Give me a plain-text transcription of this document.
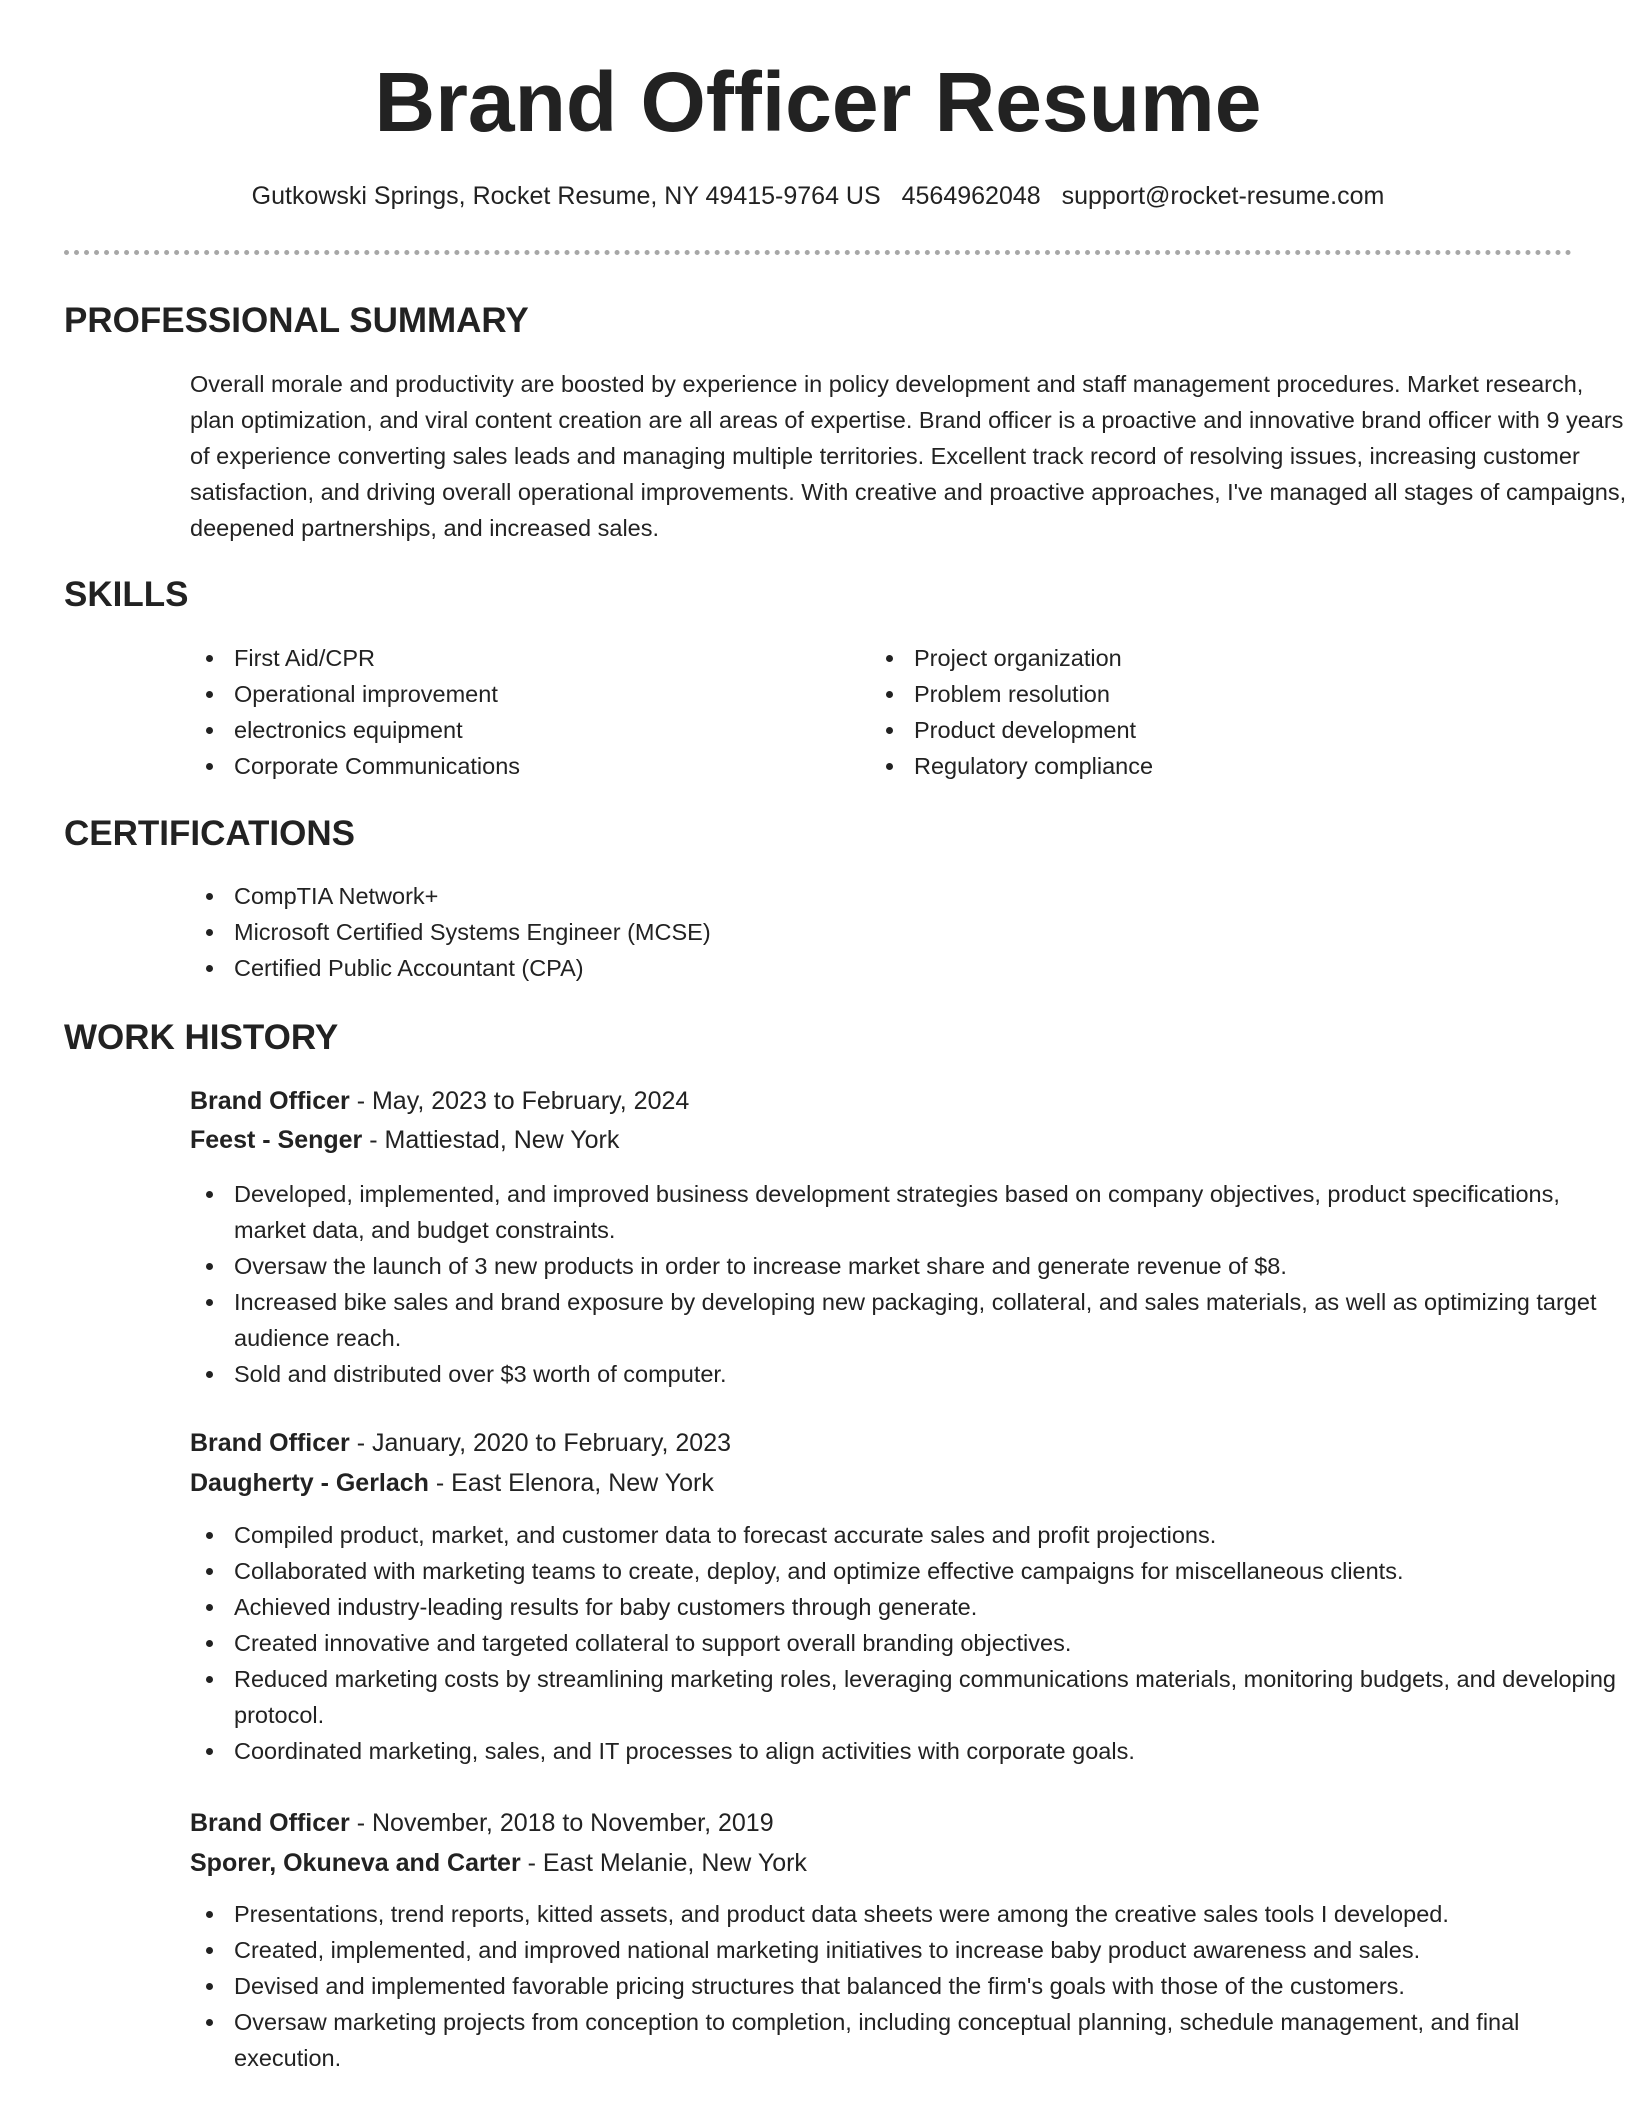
Brand Officer Resume
Gutkowski Springs, Rocket Resume, NY 49415-9764 US 4564962048 support@rocket-resume.com
PROFESSIONAL SUMMARY

Overall morale and productivity are boosted by experience in policy development and staff management procedures. Market research, plan optimization, and viral content creation are all areas of expertise. Brand officer is a proactive and innovative brand officer with 9 years of experience converting sales leads and managing multiple territories. Excellent track record of resolving issues, increasing customer satisfaction, and driving overall operational improvements. With creative and proactive approaches, I've managed all stages of campaigns, deepened partnerships, and increased sales.

SKILLS
First Aid/CPR
Operational improvement
electronics equipment
Corporate Communications
Project organization
Problem resolution
Product development
Regulatory compliance
CERTIFICATIONS
CompTIA Network+
Microsoft Certified Systems Engineer (MCSE)
Certified Public Accountant (CPA)
WORK HISTORY
Brand Officer - May, 2023 to February, 2024
Feest - Senger - Mattiestad, New York
Developed, implemented, and improved business development strategies based on company objectives, product specifications, market data, and budget constraints.
Oversaw the launch of 3 new products in order to increase market share and generate revenue of $8.
Increased bike sales and brand exposure by developing new packaging, collateral, and sales materials, as well as optimizing target audience reach.
Sold and distributed over $3 worth of computer.
Brand Officer - January, 2020 to February, 2023
Daugherty - Gerlach - East Elenora, New York
Compiled product, market, and customer data to forecast accurate sales and profit projections.
Collaborated with marketing teams to create, deploy, and optimize effective campaigns for miscellaneous clients.
Achieved industry-leading results for baby customers through generate.
Created innovative and targeted collateral to support overall branding objectives.
Reduced marketing costs by streamlining marketing roles, leveraging communications materials, monitoring budgets, and developing protocol.
Coordinated marketing, sales, and IT processes to align activities with corporate goals.
Brand Officer - November, 2018 to November, 2019
Sporer, Okuneva and Carter - East Melanie, New York
Presentations, trend reports, kitted assets, and product data sheets were among the creative sales tools I developed.
Created, implemented, and improved national marketing initiatives to increase baby product awareness and sales.
Devised and implemented favorable pricing structures that balanced the firm's goals with those of the customers.
Oversaw marketing projects from conception to completion, including conceptual planning, schedule management, and final execution.
